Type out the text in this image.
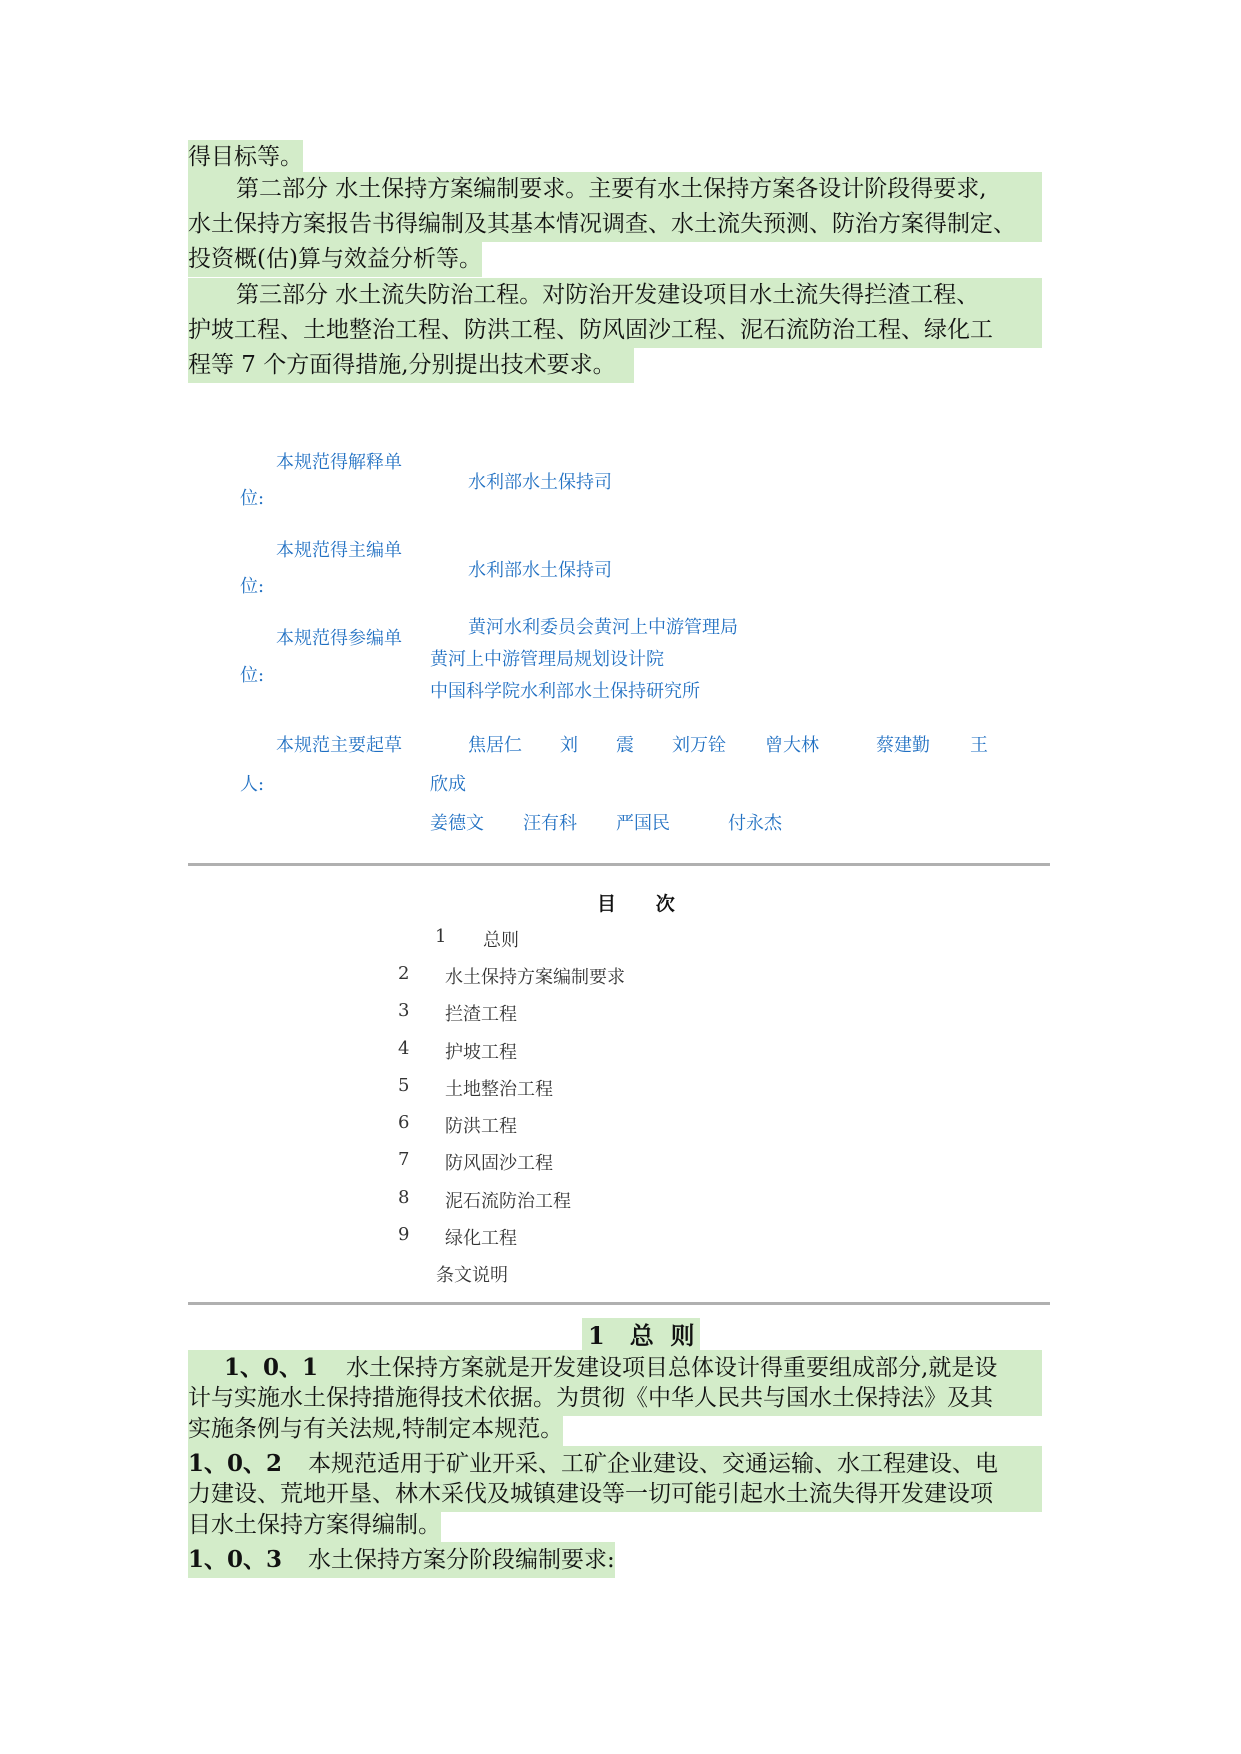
得目标等。
第二部分 水土保持方案编制要求。主要有水土保持方案各设计阶段得要求,
水土保持方案报告书得编制及其基本情况调查、水土流失预测、防治方案得制定、
投资概(估)算与效益分析等。
第三部分 水土流失防治工程。对防治开发建设项目水土流失得拦渣工程、
护坡工程、土地整治工程、防洪工程、防风固沙工程、泥石流防治工程、绿化工
程等 7 个方面得措施,分别提出技术要求。
本规范得解释单
位:
水利部水土保持司
本规范得主编单
位:
水利部水土保持司
本规范得参编单
位:
黄河水利委员会黄河上中游管理局
黄河上中游管理局规划设计院
中国科学院水利部水土保持研究所
本规范主要起草
人:
焦居仁 刘 震 刘万铨 曾大林	蔡建勤 王
欣成
姜德文 汪有科 严国民	付永杰
目      次
1 总则
2 水土保持方案编制要求
3 拦渣工程
4 护坡工程
5 土地整治工程
6 防洪工程
7 防风固沙工程
8 泥石流防治工程
9 绿化工程
条文说明
1   总  则
1、0、1 水土保持方案就是开发建设项目总体设计得重要组成部分,就是设
计与实施水土保持措施得技术依据。为贯彻《中华人民共与国水土保持法》及其
实施条例与有关法规,特制定本规范。
1、0、2 本规范适用于矿业开采、工矿企业建设、交通运输、水工程建设、电
力建设、荒地开垦、林木采伐及城镇建设等一切可能引起水土流失得开发建设项
目水土保持方案得编制。
1、0、3 水土保持方案分阶段编制要求:
